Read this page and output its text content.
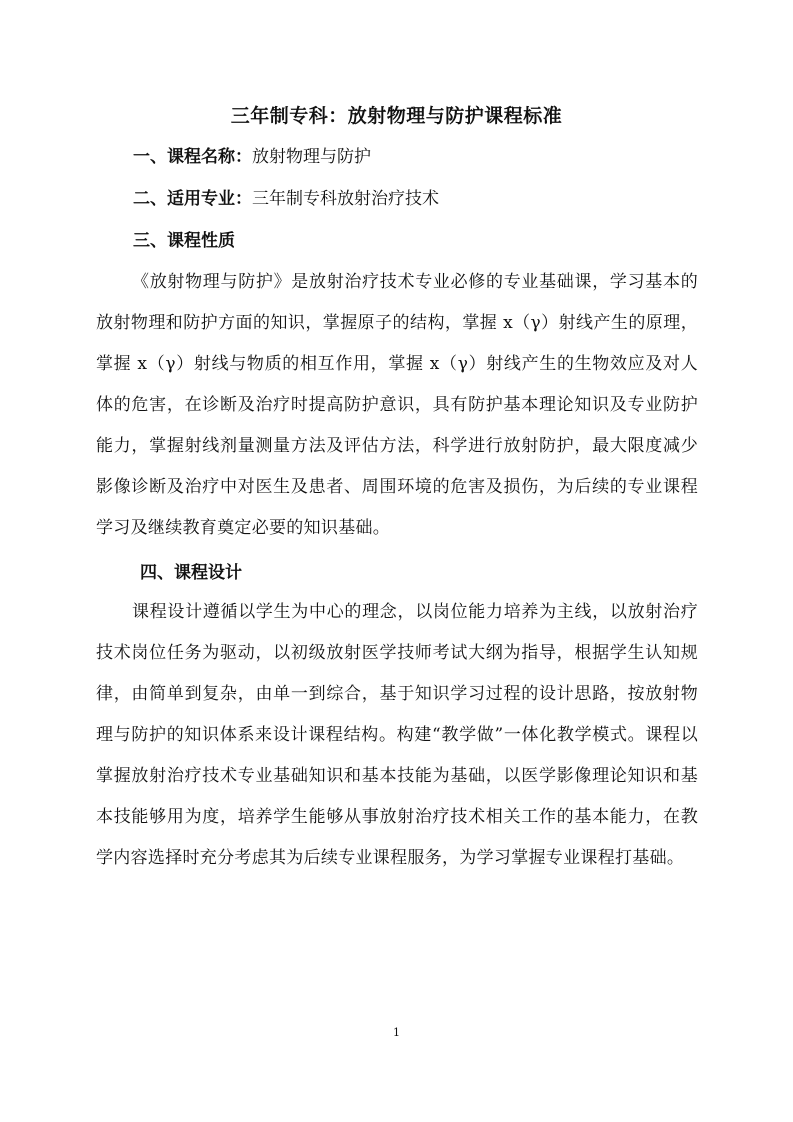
三年制专科：放射物理与防护课程标准
一、课程名称：放射物理与防护
二、适用专业：三年制专科放射治疗技术
三、课程性质

《放射物理与防护》是放射治疗技术专业必修的专业基础课，学习基本的放射物理和防护方面的知识，掌握原子的结构，掌握 x（γ）射线产生的原理，掌握 x（γ）射线与物质的相互作用，掌握 x（γ）射线产生的生物效应及对人体的危害，在诊断及治疗时提高防护意识，具有防护基本理论知识及专业防护能力，掌握射线剂量测量方法及评估方法，科学进行放射防护，最大限度减少影像诊断及治疗中对医生及患者、周围环境的危害及损伤，为后续的专业课程学习及继续教育奠定必要的知识基础。

四、课程设计

课程设计遵循以学生为中心的理念，以岗位能力培养为主线，以放射治疗技术岗位任务为驱动，以初级放射医学技师考试大纲为指导，根据学生认知规律，由简单到复杂，由单一到综合，基于知识学习过程的设计思路，按放射物理与防护的知识体系来设计课程结构。构建“教学做”一体化教学模式。课程以掌握放射治疗技术专业基础知识和基本技能为基础，以医学影像理论知识和基本技能够用为度，培养学生能够从事放射治疗技术相关工作的基本能力，在教学内容选择时充分考虑其为后续专业课程服务，为学习掌握专业课程打基础。

1
